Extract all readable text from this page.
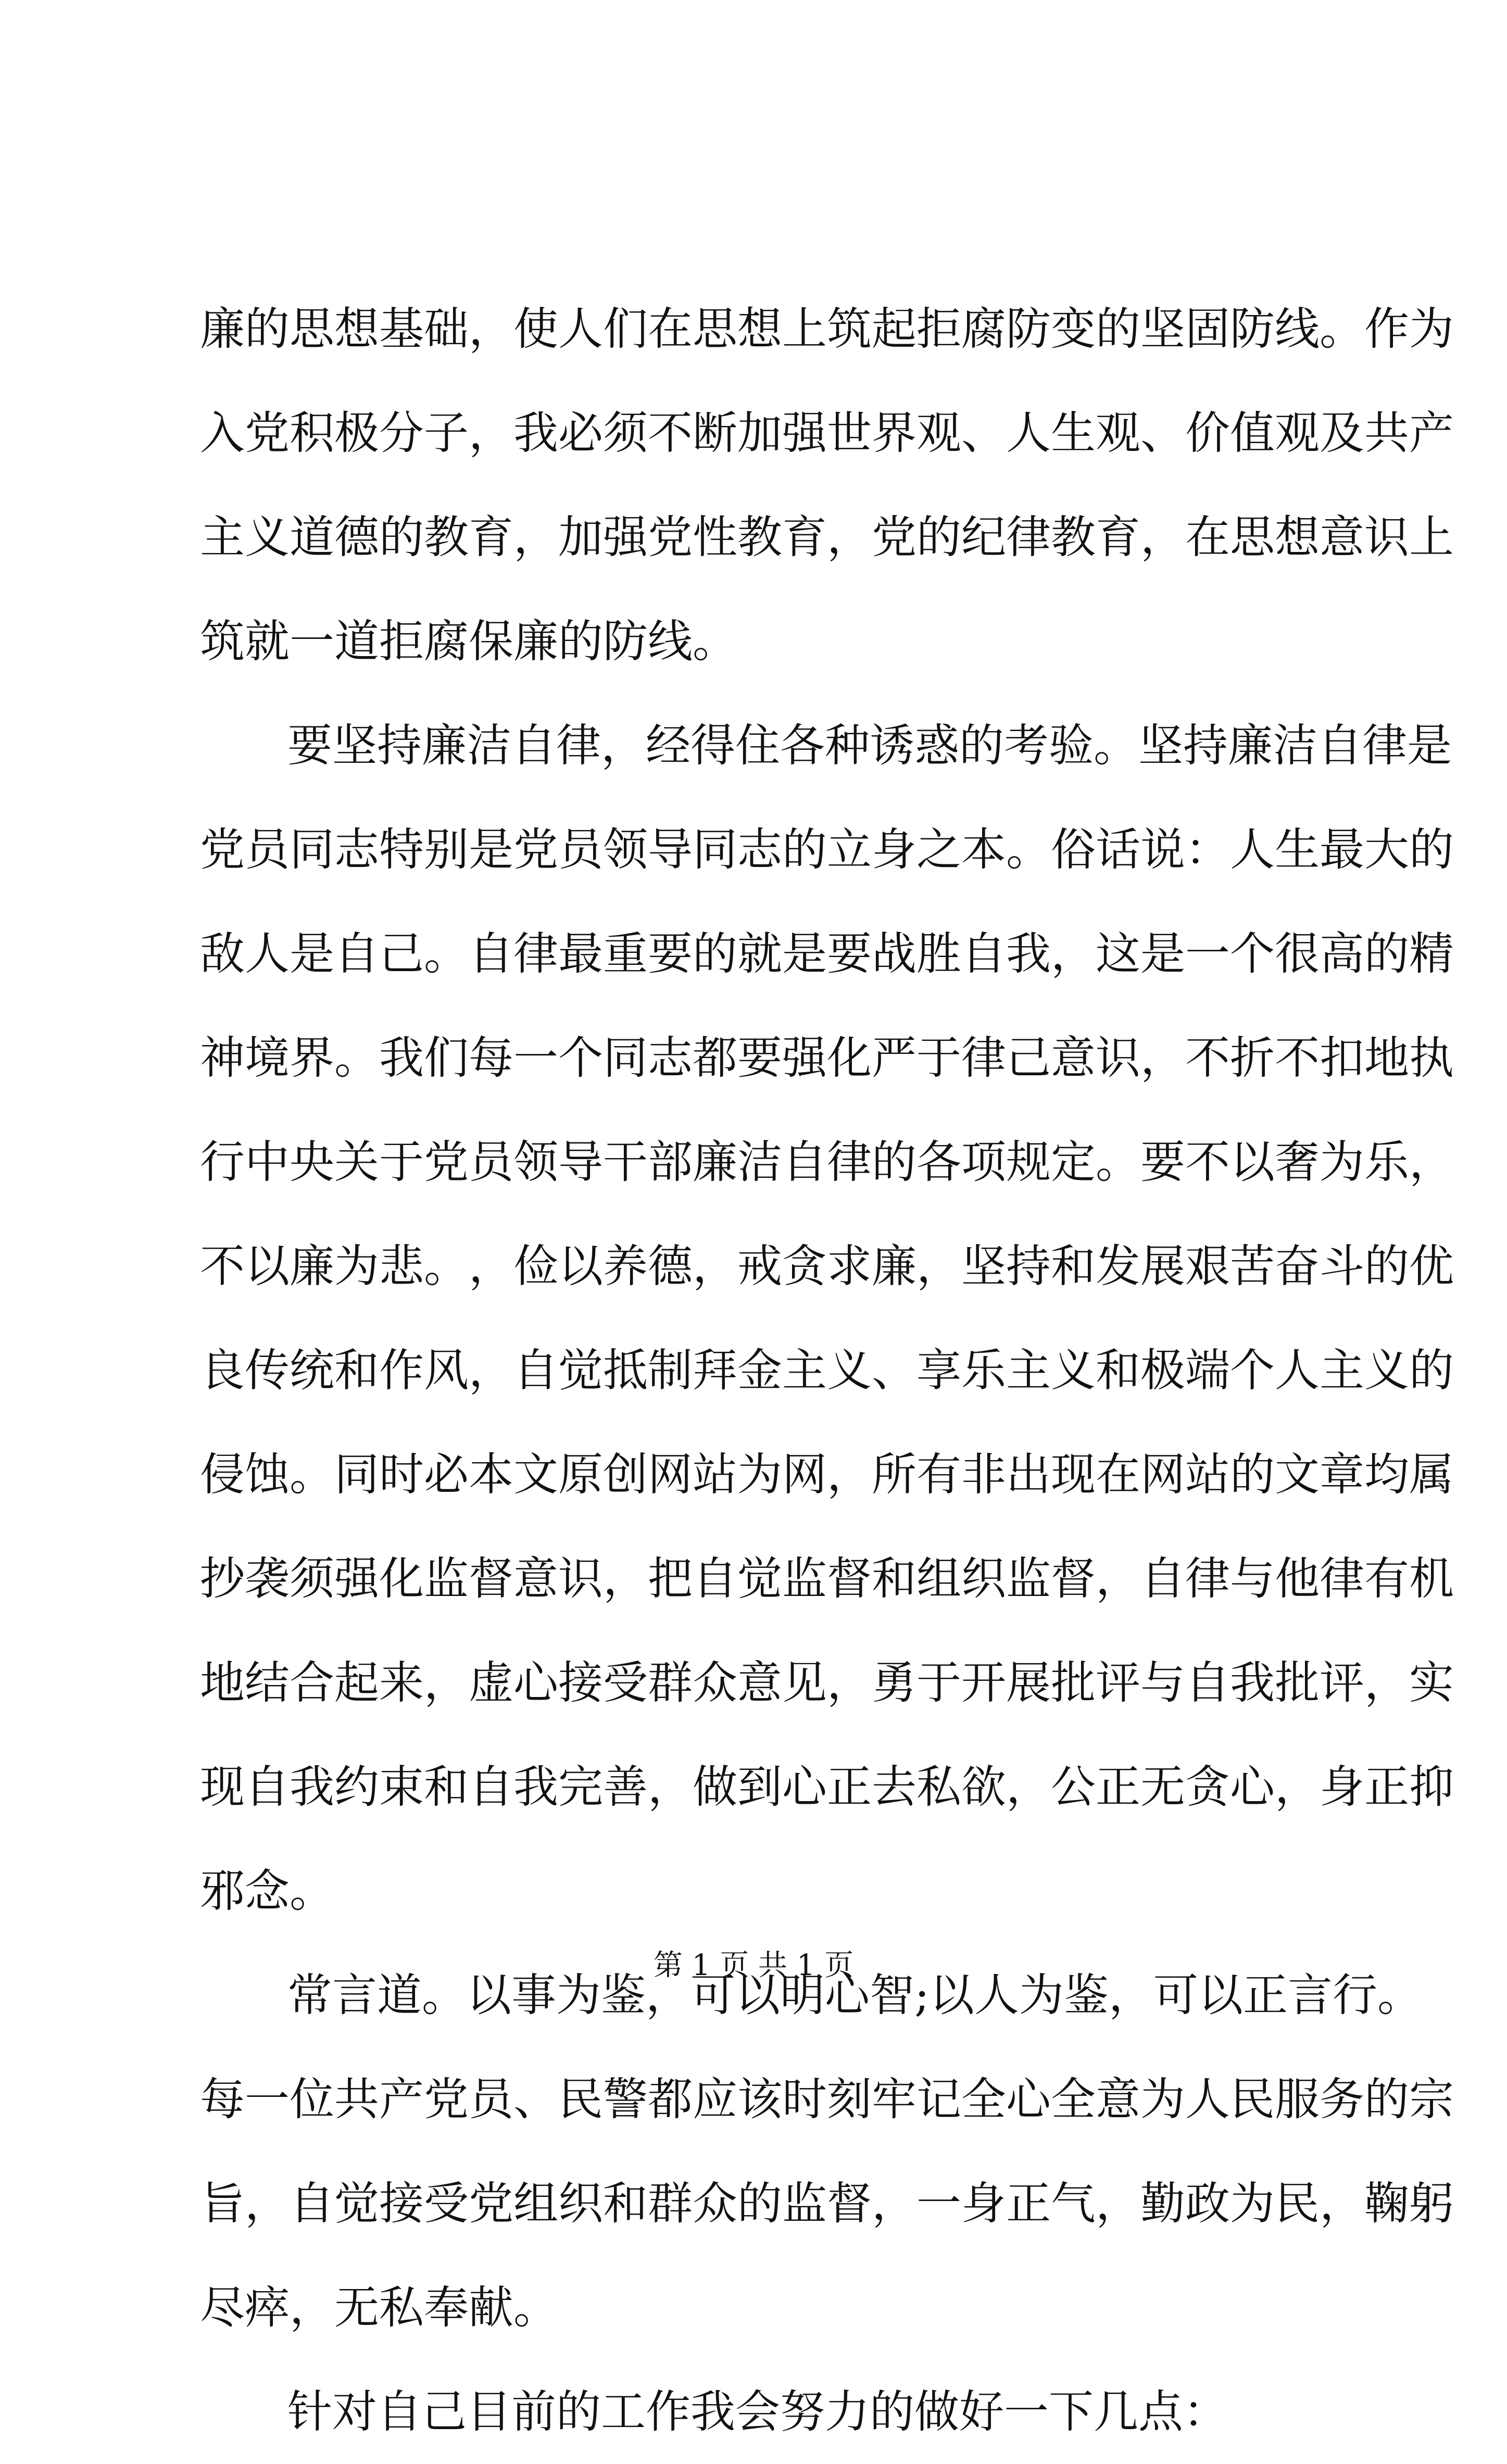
廉 的 思 想 基 础 ， 使 人 们 在 思 想 上 筑 起 拒 腐 防 变 的 坚 固 防 线 。 作 为
入 党 积 极 分 子 ， 我 必 须 不 断 加 强 世 界 观 、 人 生 观 、 价 值 观 及 共 产
主 义 道 德 的 教 育 ， 加 强 党 性 教 育 ， 党 的 纪 律 教 育 ， 在 思 想 意 识 上
筑就一道拒腐保廉的防线。
要 坚 持 廉 洁 自 律 ， 经 得 住 各 种 诱 惑 的 考 验 。 坚 持 廉 洁 自 律 是
党 员 同 志 特 别 是 党 员 领 导 同 志 的 立 身 之 本 。 俗 话 说 ： 人 生 最 大 的
敌 人 是 自 己 。 自 律 最 重 要 的 就 是 要 战 胜 自 我 ， 这 是 一 个 很 高 的 精
神 境 界 。 我 们 每 一 个 同 志 都 要 强 化 严 于 律 己 意 识 ， 不 折 不 扣 地 执
行 中 央 关 于 党 员 领 导 干 部 廉 洁 自 律 的 各 项 规 定 。 要 不 以 奢 为 乐 ，
不 以 廉 为 悲 。 ， 俭 以 养 德 ， 戒 贪 求 廉 ， 坚 持 和 发 展 艰 苦 奋 斗 的 优
良 传 统 和 作 风 ， 自 觉 抵 制 拜 金 主 义 、 享 乐 主 义 和 极 端 个 人 主 义 的
侵 蚀 。 同 时 必 本 文 原 创 网 站 为 网 ， 所 有 非 出 现 在 网 站 的 文 章 均 属
抄 袭 须 强 化 监 督 意 识 ， 把 自 觉 监 督 和 组 织 监 督 ， 自 律 与 他 律 有 机
地 结 合 起 来 ， 虚 心 接 受 群 众 意 见 ， 勇 于 开 展 批 评 与 自 我 批 评 ， 实
现 自 我 约 束 和 自 我 完 善 ， 做 到 心 正 去 私 欲 ， 公 正 无 贪 心 ， 身 正 抑
邪念。
常 言 道 。 以 事 为 鉴 ， 可 以 明 心 智 ; 以 人 为 鉴 ， 可 以 正 言 行 。
每 一 位 共 产 党 员 、 民 警 都 应 该 时 刻 牢 记 全 心 全 意 为 人 民 服 务 的 宗
旨 ， 自 觉 接 受 党 组 织 和 群 众 的 监 督 ， 一 身 正 气 ， 勤 政 为 民 ， 鞠 躬
尽瘁，无私奉献。
针对自己目前的工作我会努力的做好一下几点：
第 1 页 共 1 页
